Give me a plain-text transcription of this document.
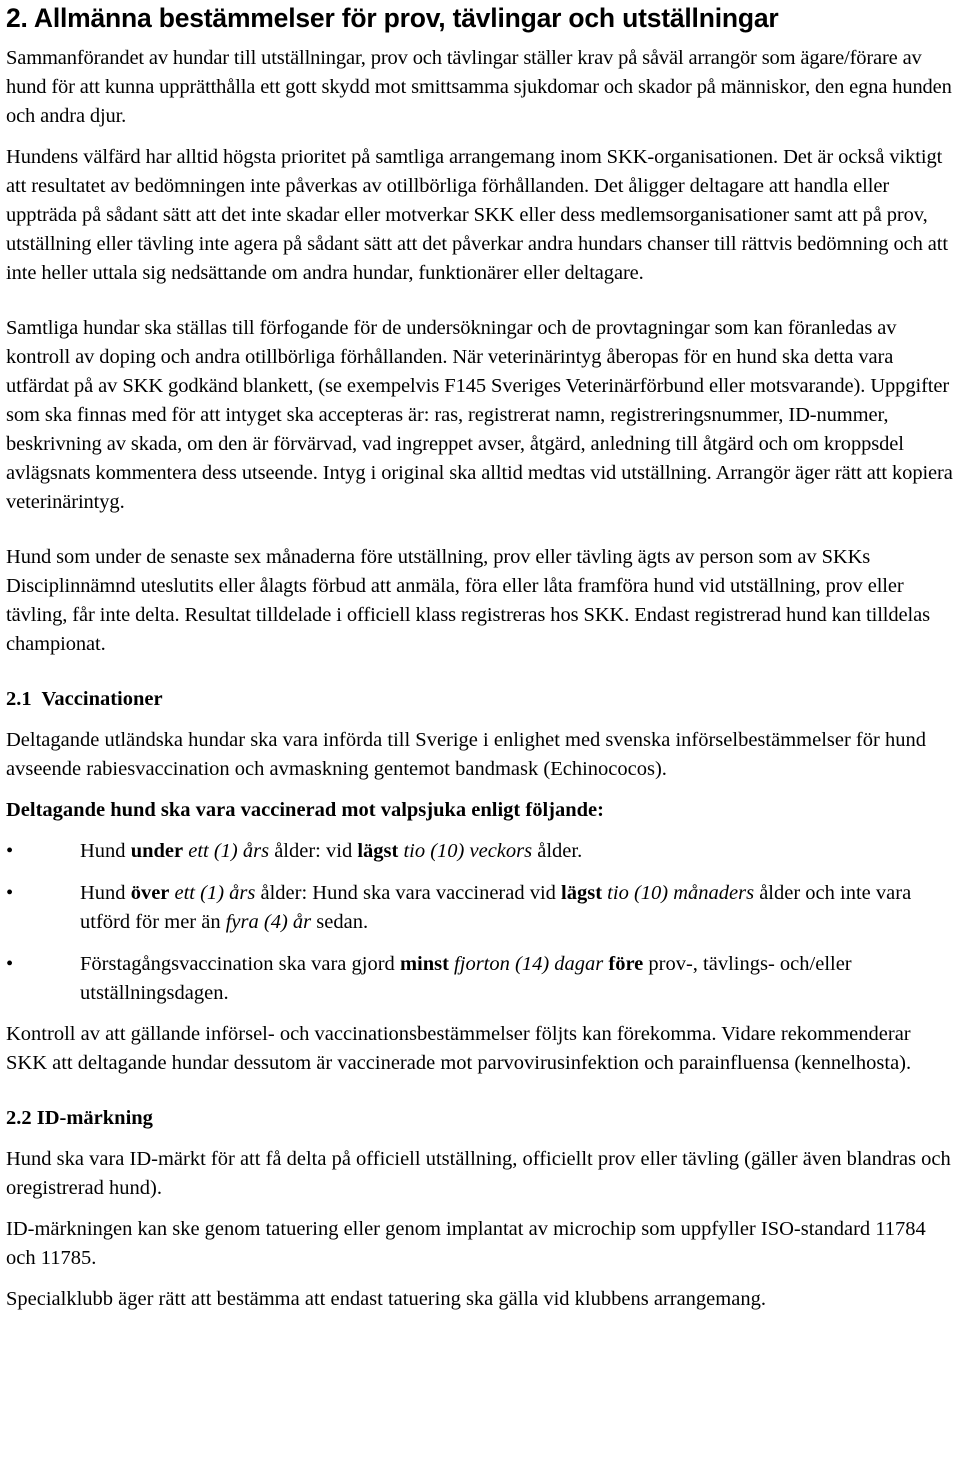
2. Allmänna bestämmelser för prov, tävlingar och utställningar

Sammanförandet av hundar till utställningar, prov och tävlingar ställer krav på såväl arrangör som ägare/förare av hund för att kunna upprätthålla ett gott skydd mot smittsamma sjukdomar och skador på människor, den egna hunden och andra djur.

Hundens välfärd har alltid högsta prioritet på samtliga arrangemang inom SKK-organisationen. Det är också viktigt att resultatet av bedömningen inte påverkas av otillbörliga förhållanden. Det åligger deltagare att handla eller uppträda på sådant sätt att det inte skadar eller motverkar SKK eller dess medlemsorganisationer samt att på prov, utställning eller tävling inte agera på sådant sätt att det påverkar andra hundars chanser till rättvis bedömning och att inte heller uttala sig nedsättande om andra hundar, funktionärer eller deltagare.

Samtliga hundar ska ställas till förfogande för de undersökningar och de provtagningar som kan föranledas av kontroll av doping och andra otillbörliga förhållanden. När veterinärintyg åberopas för en hund ska detta vara utfärdat på av SKK godkänd blankett, (se exempelvis F145 Sveriges Veterinärförbund eller motsvarande). Uppgifter som ska finnas med för att intyget ska accepteras är: ras, registrerat namn, registreringsnummer, ID-nummer, beskrivning av skada, om den är förvärvad, vad ingreppet avser, åtgärd, anledning till åtgärd och om kroppsdel avlägsnats kommentera dess utseende. Intyg i original ska alltid medtas vid utställning. Arrangör äger rätt att kopiera veterinärintyg.

Hund som under de senaste sex månaderna före utställning, prov eller tävling ägts av person som av SKKs Disciplinnämnd uteslutits eller ålagts förbud att anmäla, föra eller låta framföra hund vid utställning, prov eller tävling, får inte delta. Resultat tilldelade i officiell klass registreras hos SKK. Endast registrerad hund kan tilldelas championat.

2.1  Vaccinationer

Deltagande utländska hundar ska vara införda till Sverige i enlighet med svenska införselbestämmelser för hund avseende rabiesvaccination och avmaskning gentemot bandmask (Echinococos).

Deltagande hund ska vara vaccinerad mot valpsjuka enligt följande:

•	Hund under ett (1) års ålder: vid lägst tio (10) veckors ålder.
•	Hund över ett (1) års ålder: Hund ska vara vaccinerad vid lägst tio (10) månaders ålder och inte vara utförd för mer än fyra (4) år sedan.
•	Förstagångsvaccination ska vara gjord minst fjorton (14) dagar före prov-, tävlings- och/eller utställningsdagen.

Kontroll av att gällande införsel- och vaccinationsbestämmelser följts kan förekomma. Vidare rekommenderar SKK att deltagande hundar dessutom är vaccinerade mot parvovirusinfektion och parainfluensa (kennelhosta).

2.2 ID-märkning

Hund ska vara ID-märkt för att få delta på officiell utställning, officiellt prov eller tävling (gäller även blandras och oregistrerad hund).

ID-märkningen kan ske genom tatuering eller genom implantat av microchip som uppfyller ISO-standard 11784 och 11785.

Specialklubb äger rätt att bestämma att endast tatuering ska gälla vid klubbens arrangemang.
